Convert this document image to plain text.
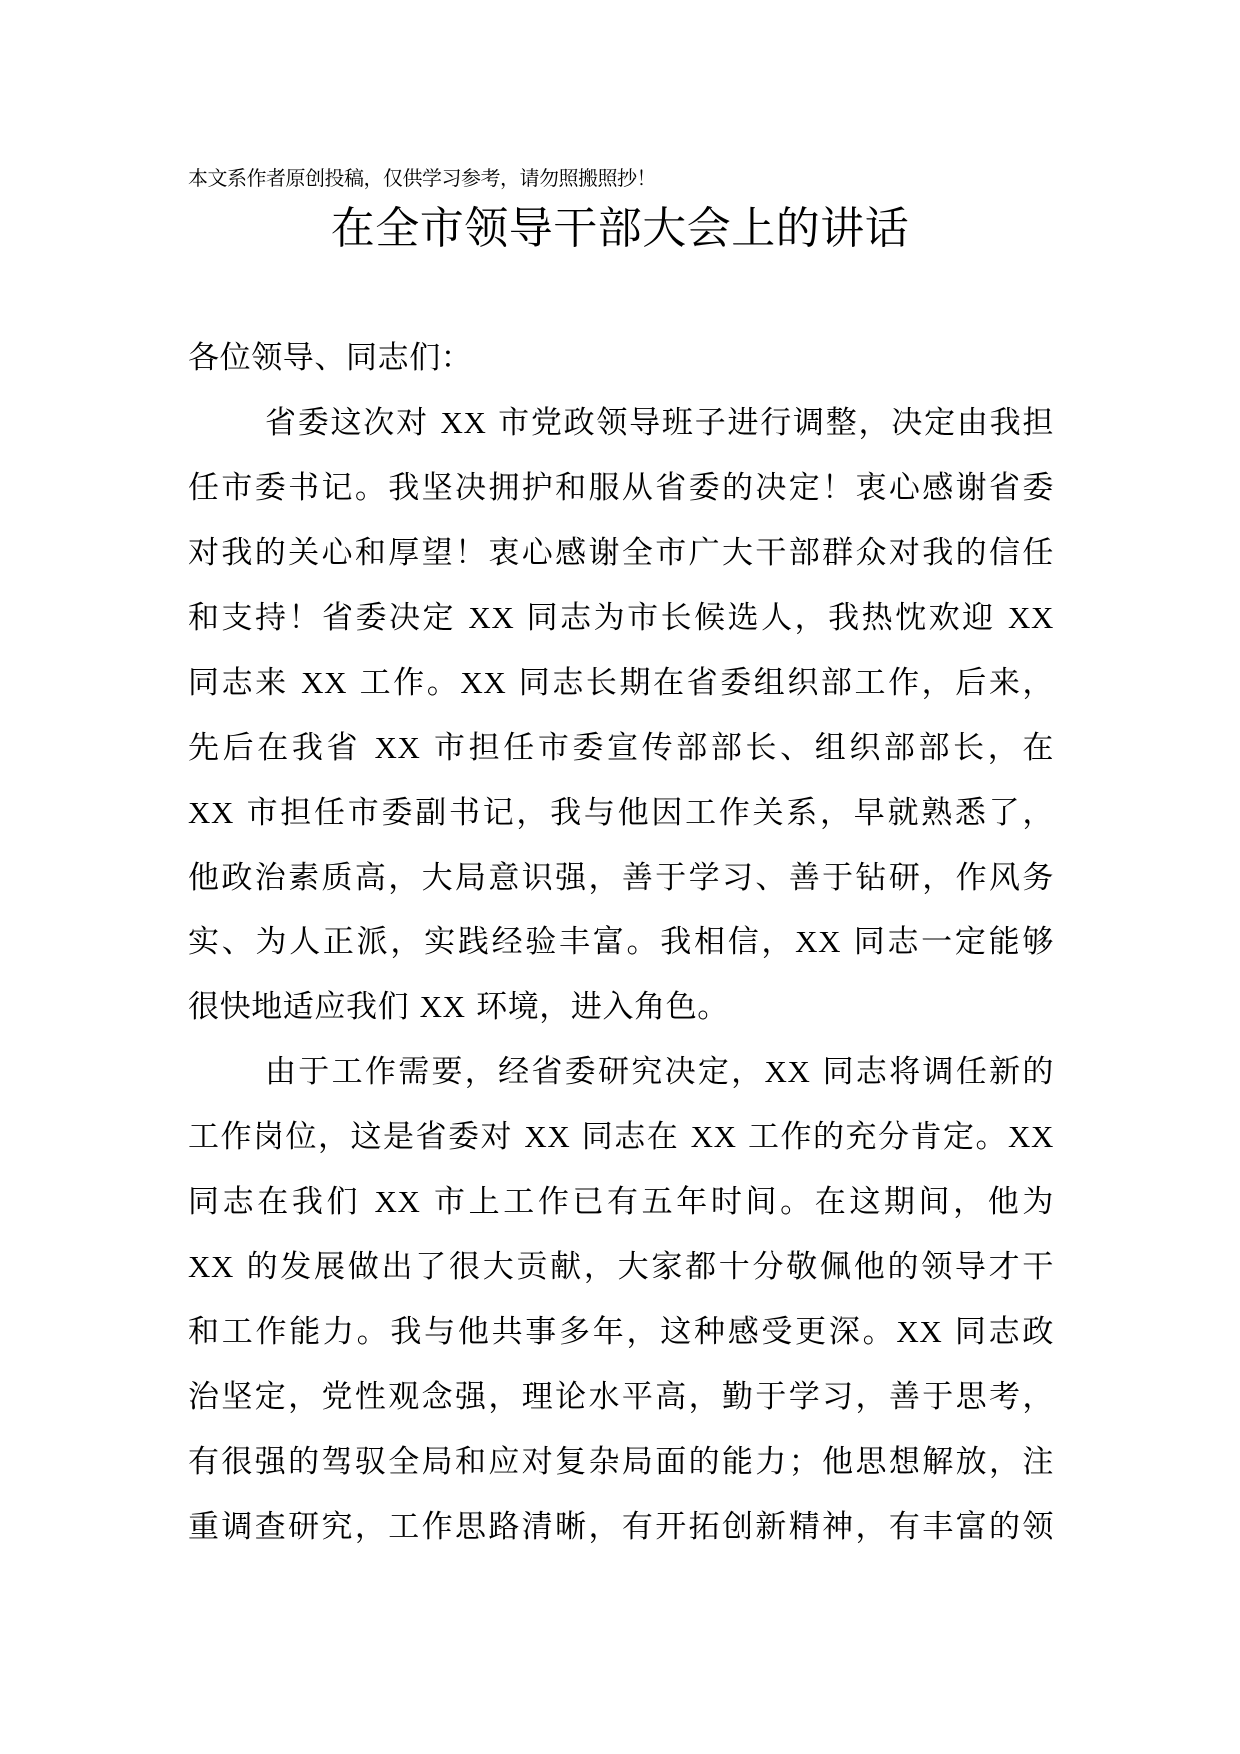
本文系作者原创投稿，仅供学习参考，请勿照搬照抄！
在全市领导干部大会上的讲话
各位领导、同志们：
省委这次对 XX 市党政领导班子进行调整，决定由我担
任市委书记。我坚决拥护和服从省委的决定！衷心感谢省委
对我的关心和厚望！衷心感谢全市广大干部群众对我的信任
和支持！省委决定 XX 同志为市长候选人，我热忱欢迎 XX
同志来 XX 工作。XX 同志长期在省委组织部工作，后来，
先后在我省 XX 市担任市委宣传部部长、组织部部长，在
XX 市担任市委副书记，我与他因工作关系，早就熟悉了，
他政治素质高，大局意识强，善于学习、善于钻研，作风务
实、为人正派，实践经验丰富。我相信，XX 同志一定能够
很快地适应我们 XX 环境，进入角色。
由于工作需要，经省委研究决定，XX 同志将调任新的
工作岗位，这是省委对 XX 同志在 XX 工作的充分肯定。XX
同志在我们 XX 市上工作已有五年时间。在这期间，他为
XX 的发展做出了很大贡献，大家都十分敬佩他的领导才干
和工作能力。我与他共事多年，这种感受更深。XX 同志政
治坚定，党性观念强，理论水平高，勤于学习，善于思考，
有很强的驾驭全局和应对复杂局面的能力；他思想解放，注
重调查研究，工作思路清晰，有开拓创新精神，有丰富的领
